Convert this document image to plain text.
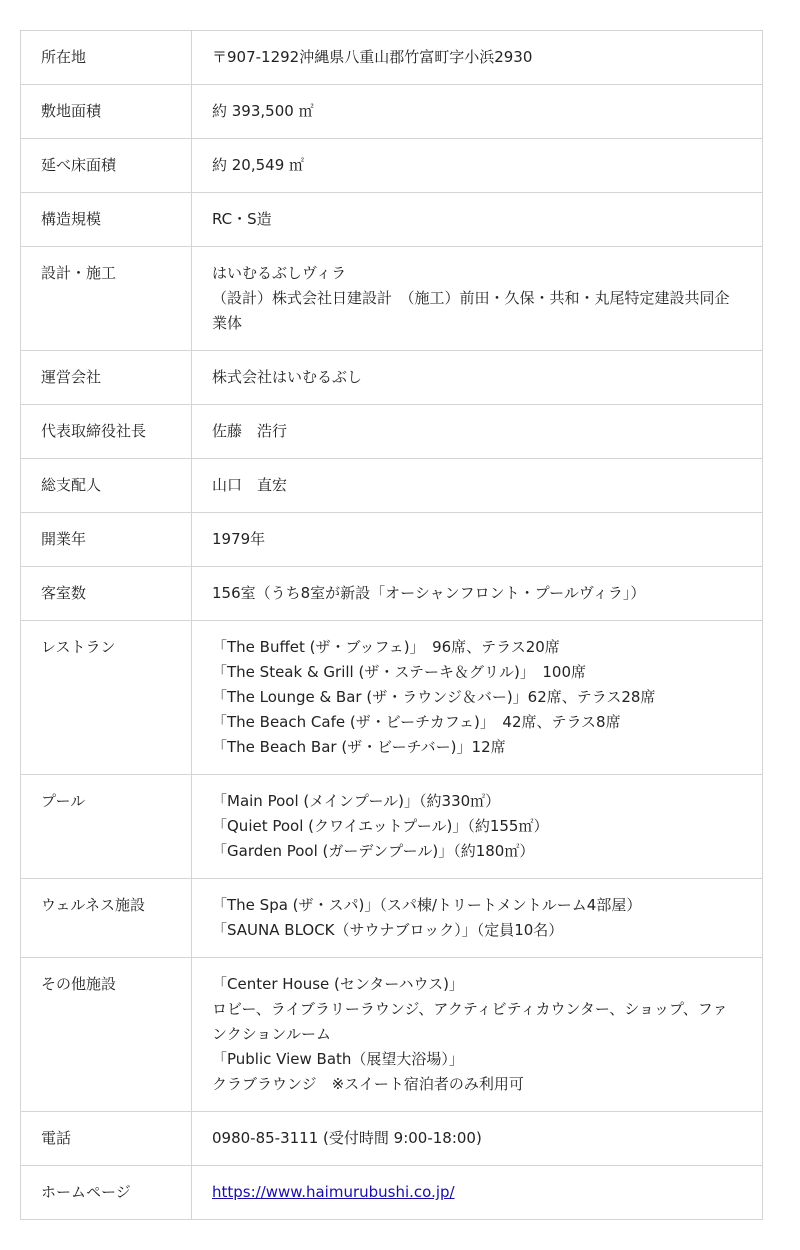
所在地	〒907-1292沖縄県八重山郡竹富町字小浜2930

敷地面積	約 393,500 ㎡

延べ床面積	約 20,549 ㎡

構造規模	RC・S造

設計・施工	はいむるぶしヴィラ
（設計）株式会社日建設計　（施工）前田・久保・共和・丸尾特定建設共同企業体

運営会社	株式会社はいむるぶし

代表取締役社長	佐藤　浩行

総支配人	山口　直宏

開業年	1979年

客室数	156室（うち8室が新設「オーシャンフロント・プールヴィラ」）

レストラン	「The Buffet (ザ・ブッフェ)」　96席、テラス20席
「The Steak & Grill (ザ・ステーキ＆グリル)」　100席
「The Lounge & Bar (ザ・ラウンジ＆バー)」62席、テラス28席
「The Beach Cafe (ザ・ビーチカフェ)」　42席、テラス8席
「The Beach Bar (ザ・ビーチバー)」12席

プール	「Main Pool (メインプール)」（約330㎡）
「Quiet Pool (クワイエットプール)」（約155㎡）
「Garden Pool (ガーデンプール)」（約180㎡）

ウェルネス施設	「The Spa (ザ・スパ)」（スパ棟/トリートメントルーム4部屋）
「SAUNA BLOCK（サウナブロック）」（定員10名）

その他施設	「Center House (センターハウス)」
ロビー、ライブラリーラウンジ、アクティビティカウンター、ショップ、ファンクションルーム
「Public View Bath（展望大浴場）」
クラブラウンジ　※スイート宿泊者のみ利用可

電話	0980-85-3111 (受付時間 9:00-18:00)

ホームページ	https://www.haimurubushi.co.jp/
